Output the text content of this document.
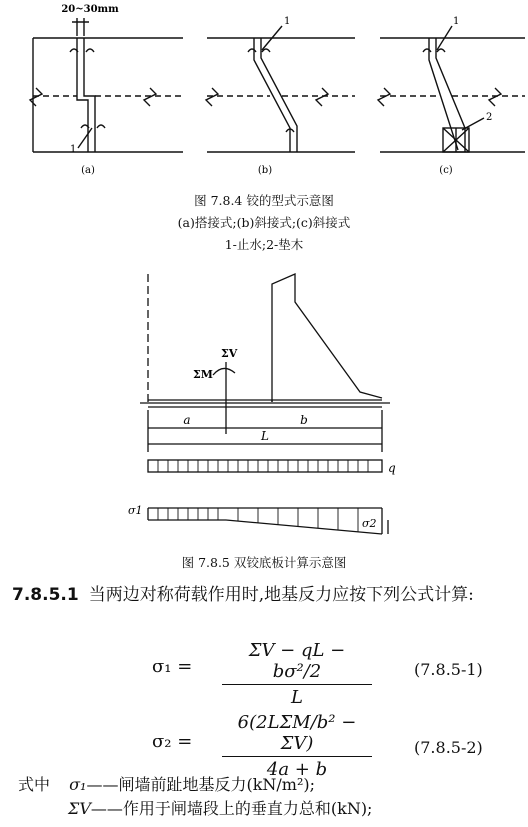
20~30mm
1
1	1
2
(a)	(b)	(c)
图 7.8.4 铰的型式示意图
(a)搭接式;(b)斜接式;(c)斜接式
1-止水;2-垫木
ΣV
ΣM
a	b
L
q
σ1
σ2
图 7.8.5 双铰底板计算示意图
7.8.5.1 当两边对称荷载作用时,地基反力应按下列公式计算:
σ₁ =	$\frac{\text{ΣV − qL − bσ²/2}}{L}$	(7.8.5-1)
σ₂ =
6(2LΣM/b² − ΣV)
4a + b
(7.8.5-2)
式中 σ₁——闸墙前趾地基反力(kN/m²);
ΣV——作用于闸墙段上的垂直力总和(kN);
